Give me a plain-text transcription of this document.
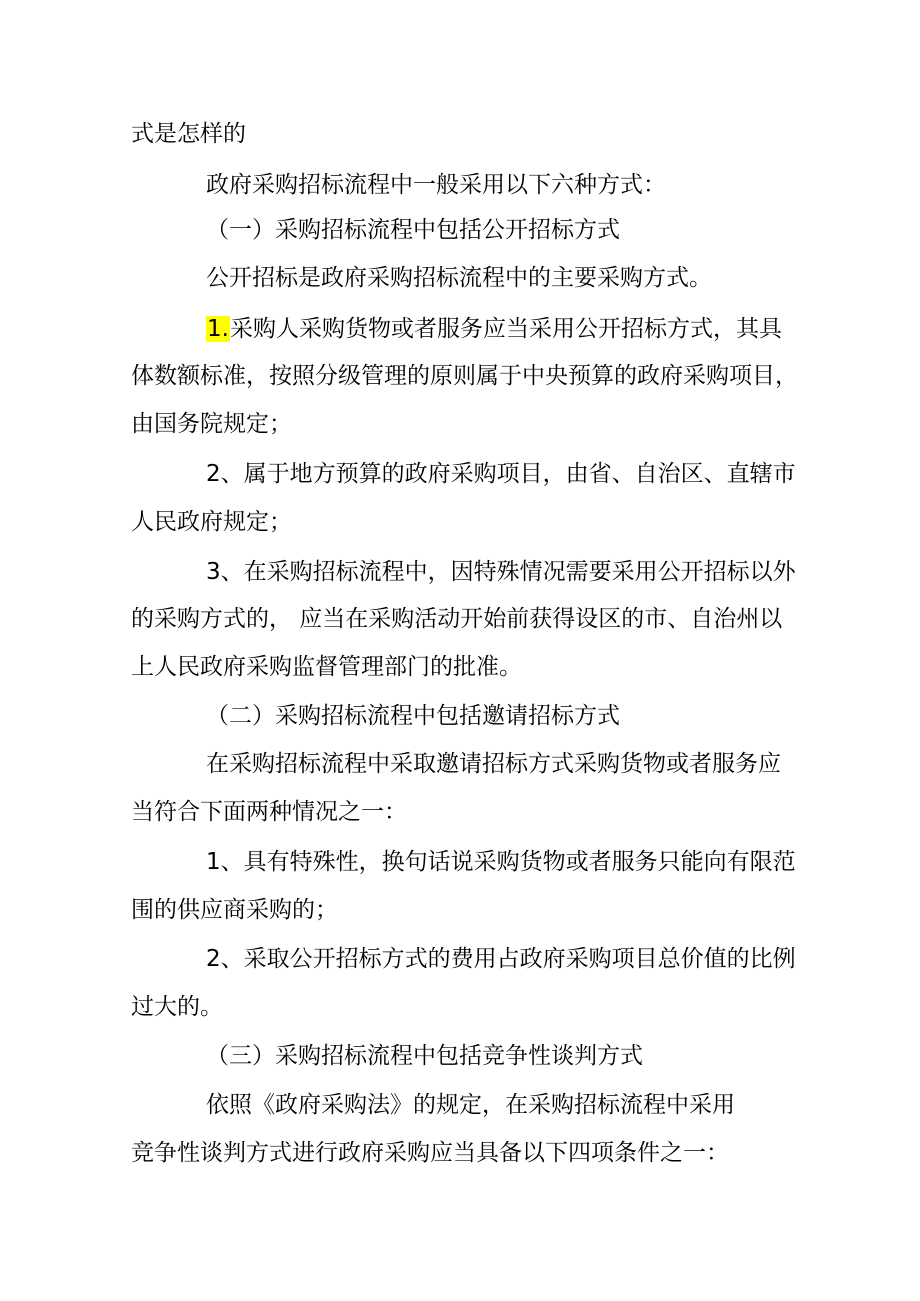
式是怎样的
政府采购招标流程中一般采用以下六种方式：
（一）采购招标流程中包括公开招标方式
公开招标是政府采购招标流程中的主要采购方式。
1.采购人采购货物或者服务应当采用公开招标方式，其具
体数额标准，按照分级管理的原则属于中央预算的政府采购项目，
由国务院规定；
2、属于地方预算的政府采购项目，由省、自治区、直辖市
人民政府规定；
3、在采购招标流程中，因特殊情况需要采用公开招标以外
的采购方式的， 应当在采购活动开始前获得设区的市、自治州以
上人民政府采购监督管理部门的批准。
（二）采购招标流程中包括邀请招标方式
在采购招标流程中采取邀请招标方式采购货物或者服务应
当符合下面两种情况之一：
1、具有特殊性，换句话说采购货物或者服务只能向有限范
围的供应商采购的；
2、采取公开招标方式的费用占政府采购项目总价值的比例
过大的。
（三）采购招标流程中包括竞争性谈判方式
依照《政府采购法》的规定，在采购招标流程中采用
竞争性谈判方式进行政府采购应当具备以下四项条件之一：
